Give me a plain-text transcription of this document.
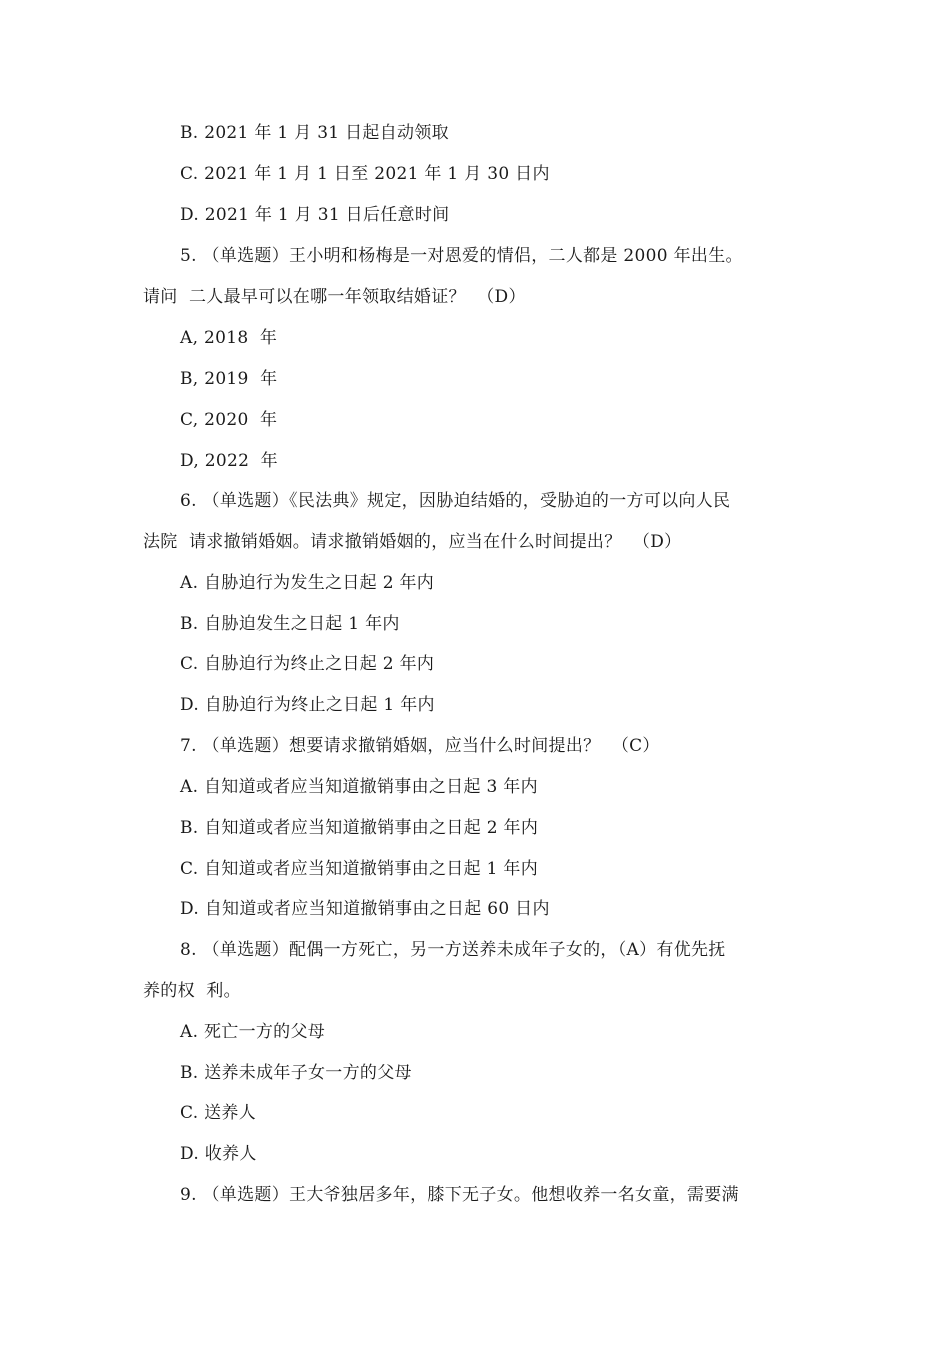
B. 2021 年 1 月 31 日起自动领取
C. 2021 年 1 月 1 日至 2021 年 1 月 30 日内
D. 2021 年 1 月 31 日后任意时间
5. （单选题）王小明和杨梅是一对恩爱的情侣，二人都是 2000 年出生。
请问  二人最早可以在哪一年领取结婚证？  （D）
A, 2018  年
B, 2019  年
C, 2020  年
D, 2022  年
6. （单选题）《民法典》规定，因胁迫结婚的，受胁迫的一方可以向人民
法院  请求撤销婚姻。请求撤销婚姻的，应当在什么时间提出？  （D）
A. 自胁迫行为发生之日起 2 年内
B. 自胁迫发生之日起 1 年内
C. 自胁迫行为终止之日起 2 年内
D. 自胁迫行为终止之日起 1 年内
7. （单选题）想要请求撤销婚姻，应当什么时间提出？  （C）
A. 自知道或者应当知道撤销事由之日起 3 年内
B. 自知道或者应当知道撤销事由之日起 2 年内
C. 自知道或者应当知道撤销事由之日起 1 年内
D. 自知道或者应当知道撤销事由之日起 60 日内
8. （单选题）配偶一方死亡，另一方送养未成年子女的，（A）有优先抚
养的权  利。
A. 死亡一方的父母
B. 送养未成年子女一方的父母
C. 送养人
D. 收养人
9. （单选题）王大爷独居多年，膝下无子女。他想收养一名女童，需要满
